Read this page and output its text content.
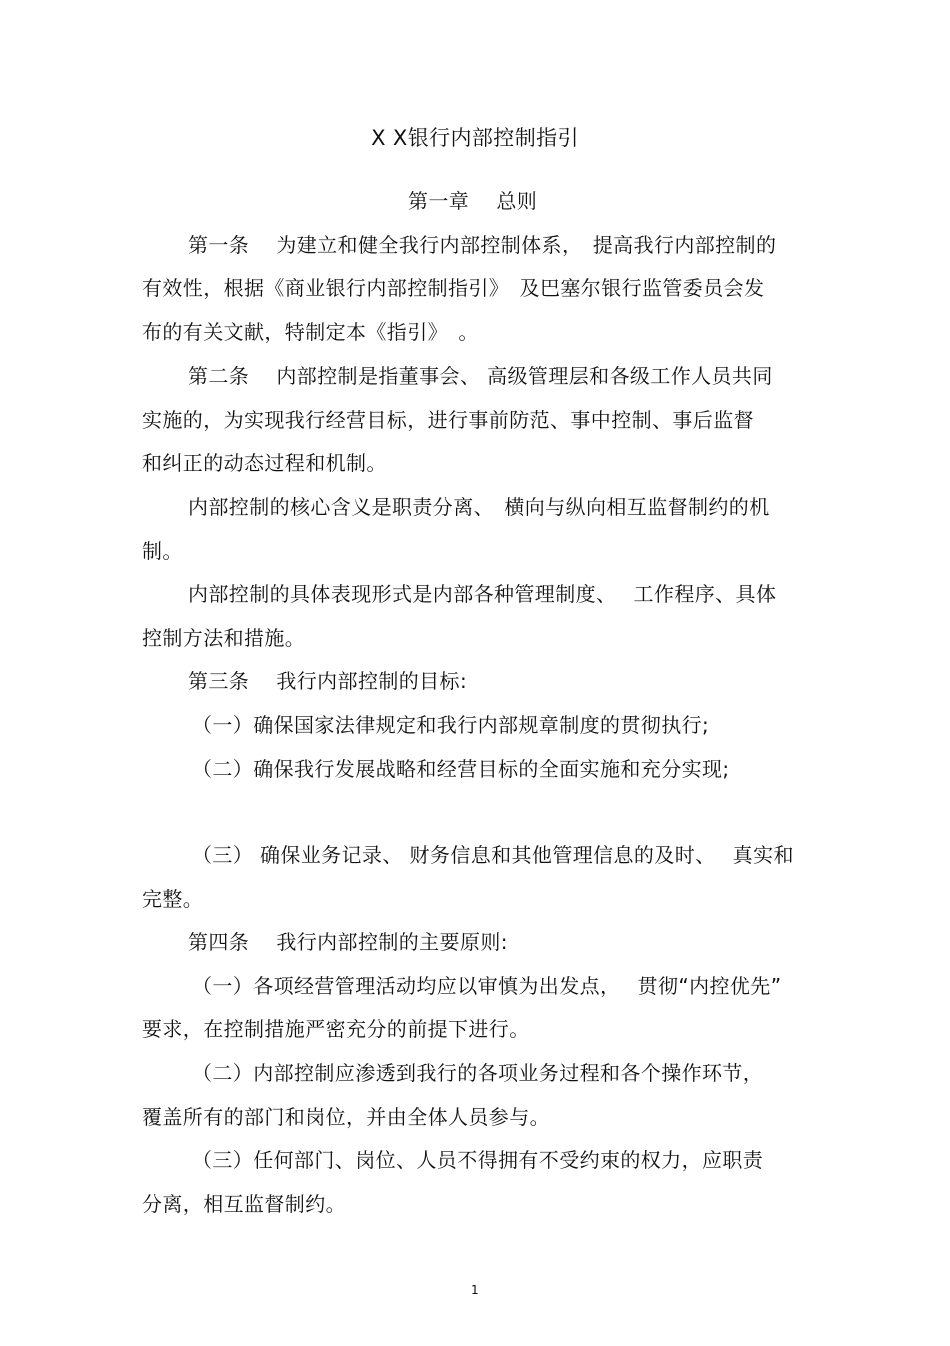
X X银行内部控制指引
第一章　 总则
第一条　 为建立和健全我行内部控制体系，　提高我行内部控制的
有效性，根据《商业银行内部控制指引》　及巴塞尔银行监管委员会发
布的有关文献，特制定本《指引》　。
第二条　 内部控制是指董事会、 高级管理层和各级工作人员共同
实施的，为实现我行经营目标，进行事前防范、事中控制、事后监督
和纠正的动态过程和机制。
内部控制的核心含义是职责分离、　横向与纵向相互监督制约的机
制。
内部控制的具体表现形式是内部各种管理制度、　 工作程序、具体
控制方法和措施。
第三条　 我行内部控制的目标:
（一）确保国家法律规定和我行内部规章制度的贯彻执行;
（二）确保我行发展战略和经营目标的全面实施和充分实现;
（三） 确保业务记录、 财务信息和其他管理信息的及时、　 真实和
完整。
第四条　 我行内部控制的主要原则:
（一）各项经营管理活动均应以审慎为出发点，　 贯彻“内控优先”
要求，在控制措施严密充分的前提下进行。
（二）内部控制应渗透到我行的各项业务过程和各个操作环节，
覆盖所有的部门和岗位，并由全体人员参与。
（三）任何部门、岗位、人员不得拥有不受约束的权力，应职责
分离，相互监督制约。
1
